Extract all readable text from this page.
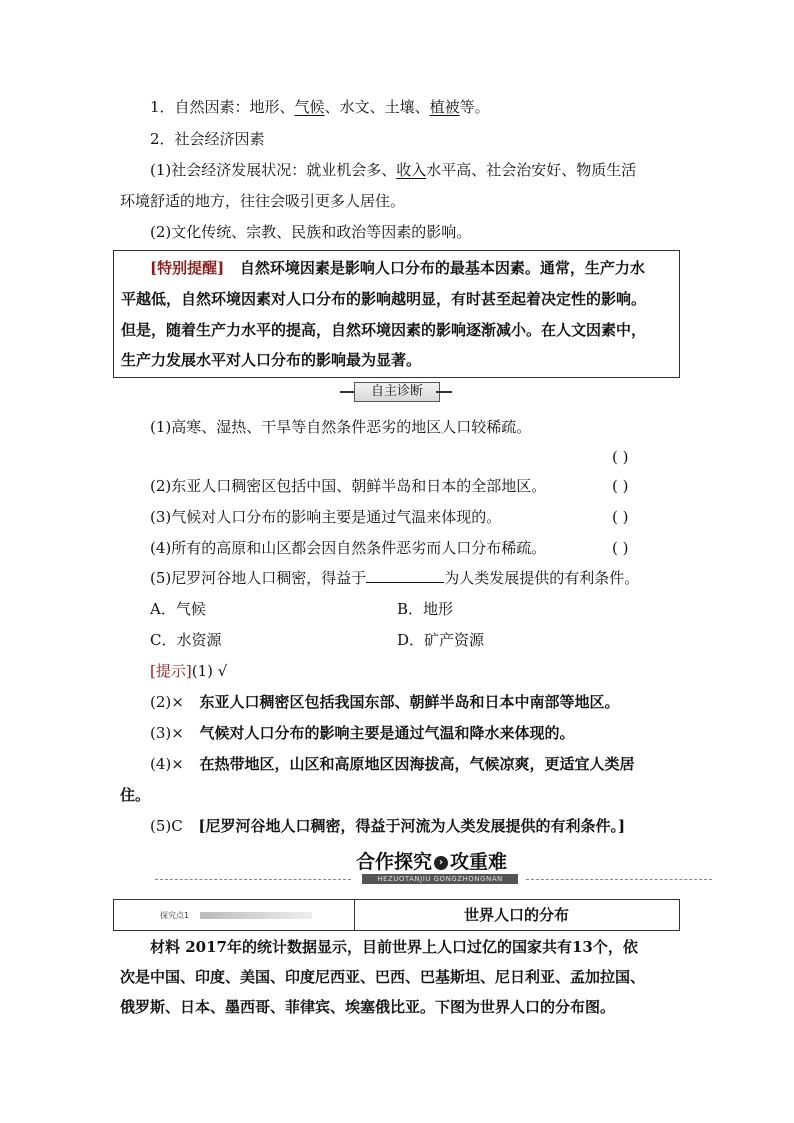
1．自然因素：地形、气候、水文、土壤、植被等。
2．社会经济因素
(1)社会经济发展状况：就业机会多、收入水平高、社会治安好、物质生活
环境舒适的地方，往往会吸引更多人居住。
(2)文化传统、宗教、民族和政治等因素的影响。
[特别提醒] 自然环境因素是影响人口分布的最基本因素。通常，生产力水
平越低，自然环境因素对人口分布的影响越明显，有时甚至起着决定性的影响。
但是，随着生产力水平的提高，自然环境因素的影响逐渐减小。在人文因素中，
生产力发展水平对人口分布的影响最为显著。
自主诊断
(1)高寒、湿热、干旱等自然条件恶劣的地区人口较稀疏。
( )
(2)东亚人口稠密区包括中国、朝鲜半岛和日本的全部地区。	( )
(3)气候对人口分布的影响主要是通过气温来体现的。	( )
(4)所有的高原和山区都会因自然条件恶劣而人口分布稀疏。	( )
(5)尼罗河谷地人口稠密，得益于	为人类发展提供的有利条件。
A．气候	B．地形
C．水资源	D．矿产资源
[提示](1) √
(2)× 东亚人口稠密区包括我国东部、朝鲜半岛和日本中南部等地区。
(3)× 气候对人口分布的影响主要是通过气温和降水来体现的。
(4)× 在热带地区，山区和高原地区因海拔高，气候凉爽，更适宜人类居
住。
(5)C [尼罗河谷地人口稠密，得益于河流为人类发展提供的有利条件。]
合作探究 › 攻重难
HEZUOTANJIU GONGZHONGNAN
探究点1	世界人口的分布
材料 2017年的统计数据显示，目前世界上人口过亿的国家共有13个，依
次是中国、印度、美国、印度尼西亚、巴西、巴基斯坦、尼日利亚、孟加拉国、
俄罗斯、日本、墨西哥、菲律宾、埃塞俄比亚。下图为世界人口的分布图。
